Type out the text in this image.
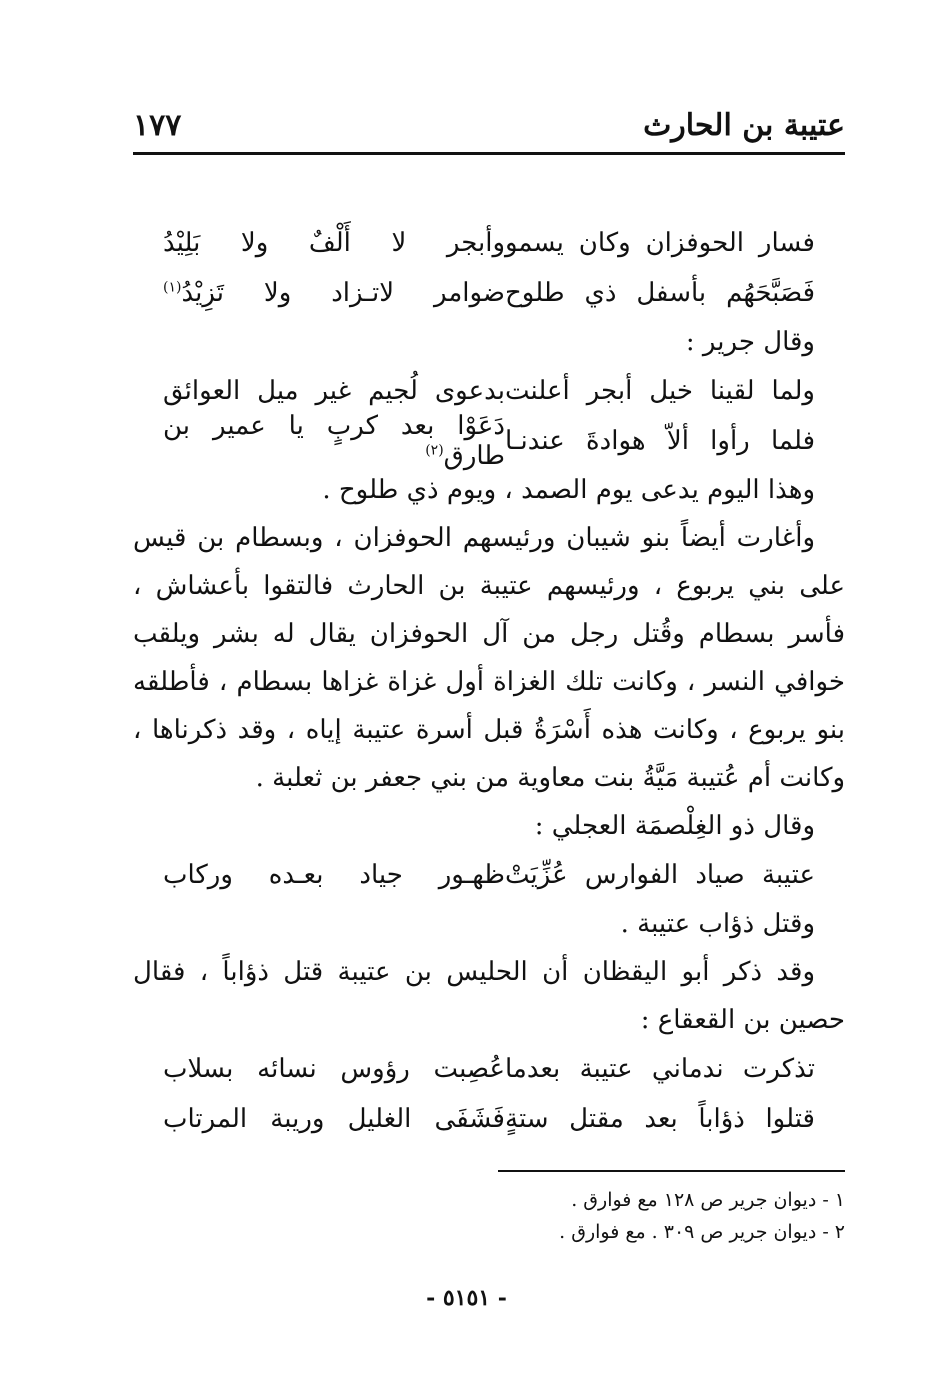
عتيبة بن الحارث
١٧٧
فسار الحوفزان وكان يسمو
وأبجر لا أَلْفٌ ولا بَلِيْدُ
فَصَبَّحَهُم بأسفل ذي طلوح
ضوامر لاتـزاد ولا تَزِيْدُ$^{(١)}$
وقال جرير :
ولما لقينا خيل أبجر أعلنت
بدعوى لُجيم غير ميل العوائق
فلما رأوا ألاّ هوادةَ عندنـا
دَعَوْا بعد كربٍ يا عمير بن طارق$^{(٢)}$
وهذا اليوم يدعى يوم الصمد ، ويوم ذي طلوح .

وأغارت أيضاً بنو شيبان ورئيسهم الحوفزان ، وبسطام بن قيس على بني يربوع ، ورئيسهم عتيبة بن الحارث فالتقوا بأعشاش ، فأسر بسطام وقُتل رجل من آل الحوفزان يقال له بشر ويلقب خوافي النسر ، وكانت تلك الغزاة أول غزاة غزاها بسطام ، فأطلقه بنو يربوع ، وكانت هذه أَسْرَةُ قبل أسرة عتيبة إياه ، وقد ذكرناها ، وكانت أم عُتيبة مَيَّةُ بنت معاوية من بني جعفر بن ثعلبة .

وقال ذو الغِلْصمَة العجلي :
عتيبة صياد الفوارس عُزِّيَتْ
ظهـور جياد بعـده وركاب
وقتل ذؤاب عتيبة .

وقد ذكر أبو اليقظان أن الحليس بن عتيبة قتل ذؤاباً ، فقال حصين بن القعقاع :

تذكرت ندماني عتيبة بعدما
عُصِبت رؤوس نسائه بسلاب
قتلوا ذؤاباً بعد مقتل ستةٍ
فَشَفَى الغليل وريبة المرتاب
١ - ديوان جرير ص ١٢٨ مع فوارق .
٢ - ديوان جرير ص ٣٠٩ . مع فوارق .
- ٥١٥١ -
